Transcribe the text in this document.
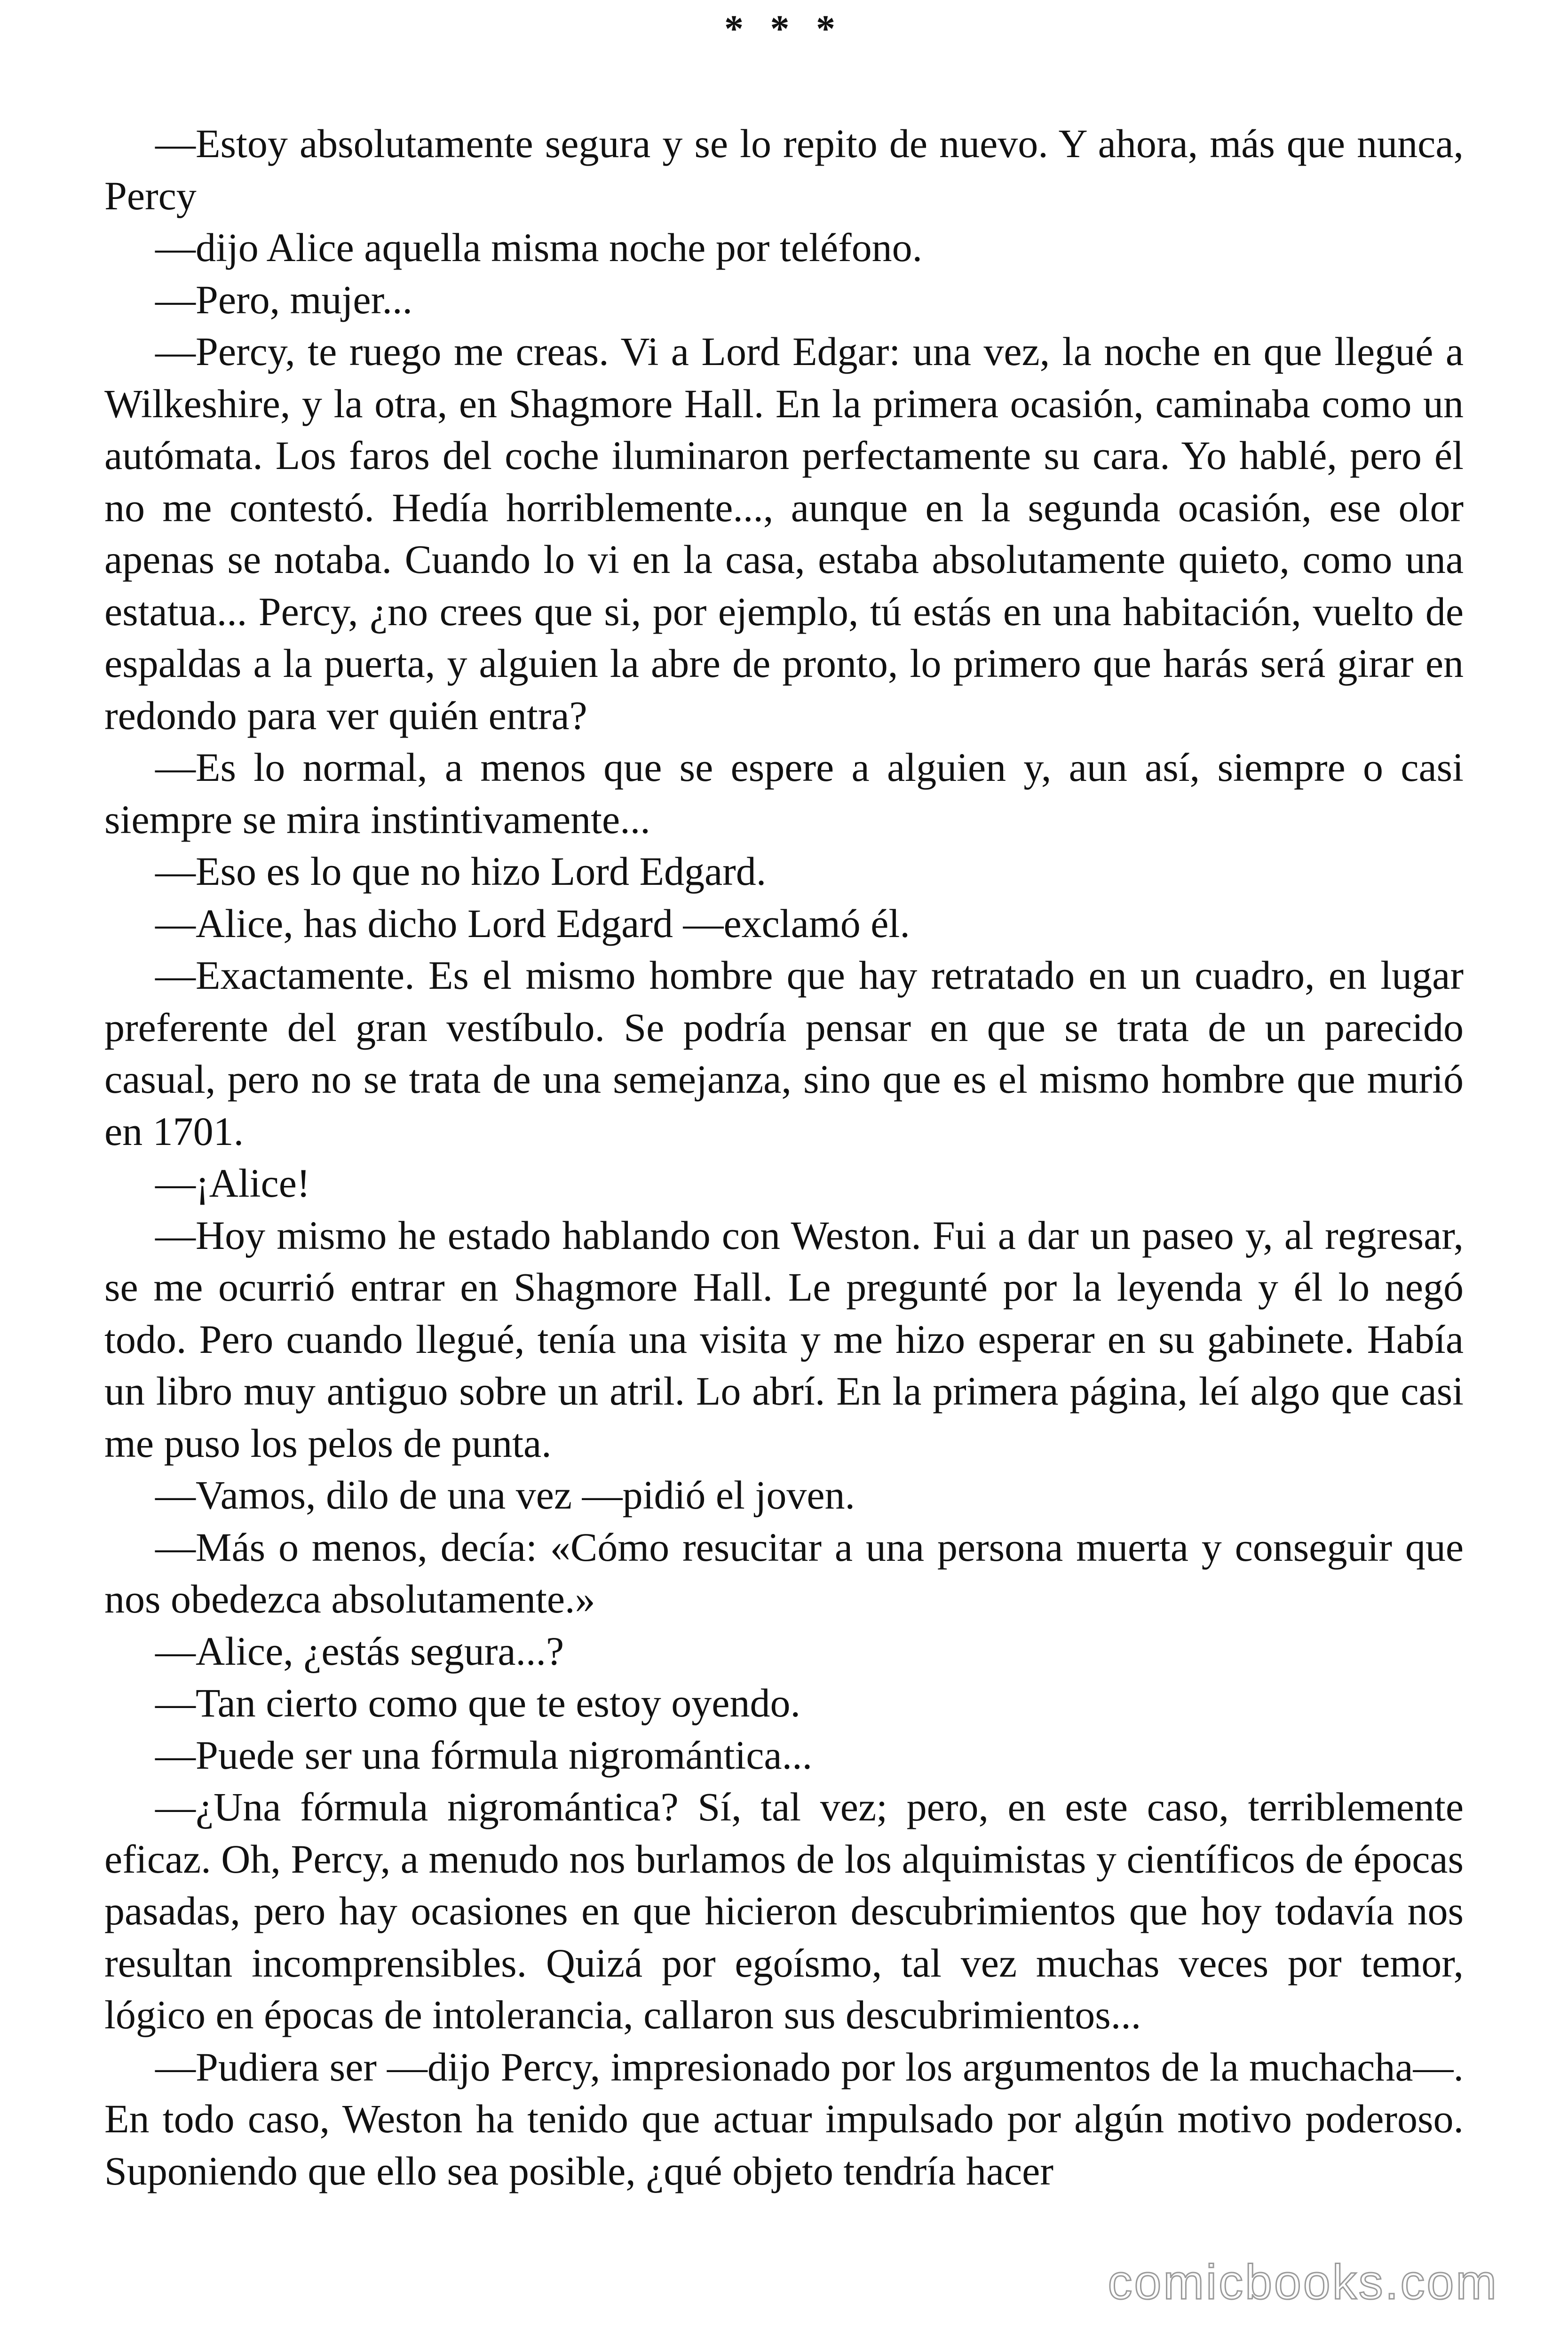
* * *

—Estoy absolutamente segura y se lo repito de nuevo. Y ahora, más que nunca, Percy

—dijo Alice aquella misma noche por teléfono.

—Pero, mujer...

—Percy, te ruego me creas. Vi a Lord Edgar: una vez, la noche en que llegué a Wilkeshire, y la otra, en Shagmore Hall. En la primera ocasión, caminaba como un autómata. Los faros del coche iluminaron perfectamente su cara. Yo hablé, pero él no me contestó. Hedía horriblemente..., aunque en la segunda ocasión, ese olor apenas se notaba. Cuando lo vi en la casa, estaba absolutamente quieto, como una estatua... Percy, ¿no crees que si, por ejemplo, tú estás en una habitación, vuelto de espaldas a la puerta, y alguien la abre de pronto, lo primero que harás será girar en redondo para ver quién entra?

—Es lo normal, a menos que se espere a alguien y, aun así, siempre o casi siempre se mira instintivamente...

—Eso es lo que no hizo Lord Edgard.

—Alice, has dicho Lord Edgard —exclamó él.

—Exactamente. Es el mismo hombre que hay retratado en un cuadro, en lugar preferente del gran vestíbulo. Se podría pensar en que se trata de un parecido casual, pero no se trata de una semejanza, sino que es el mismo hombre que murió en 1701.

—¡Alice!

—Hoy mismo he estado hablando con Weston. Fui a dar un paseo y, al regresar, se me ocurrió entrar en Shagmore Hall. Le pregunté por la leyenda y él lo negó todo. Pero cuando llegué, tenía una visita y me hizo esperar en su gabinete. Había un libro muy antiguo sobre un atril. Lo abrí. En la primera página, leí algo que casi me puso los pelos de punta.

—Vamos, dilo de una vez —pidió el joven.

—Más o menos, decía: «Cómo resucitar a una persona muerta y conseguir que nos obedezca absolutamente.»

—Alice, ¿estás segura...?

—Tan cierto como que te estoy oyendo.

—Puede ser una fórmula nigromántica...

—¿Una fórmula nigromántica? Sí, tal vez; pero, en este caso, terriblemente eficaz. Oh, Percy, a menudo nos burlamos de los alquimistas y científicos de épocas pasadas, pero hay ocasiones en que hicieron descubrimientos que hoy todavía nos resultan incomprensibles. Quizá por egoísmo, tal vez muchas veces por temor, lógico en épocas de intolerancia, callaron sus descubrimientos...

—Pudiera ser —dijo Percy, impresionado por los argumentos de la muchacha—. En todo caso, Weston ha tenido que actuar impulsado por algún motivo poderoso. Suponiendo que ello sea posible, ¿qué objeto tendría hacer

comicbooks.com
